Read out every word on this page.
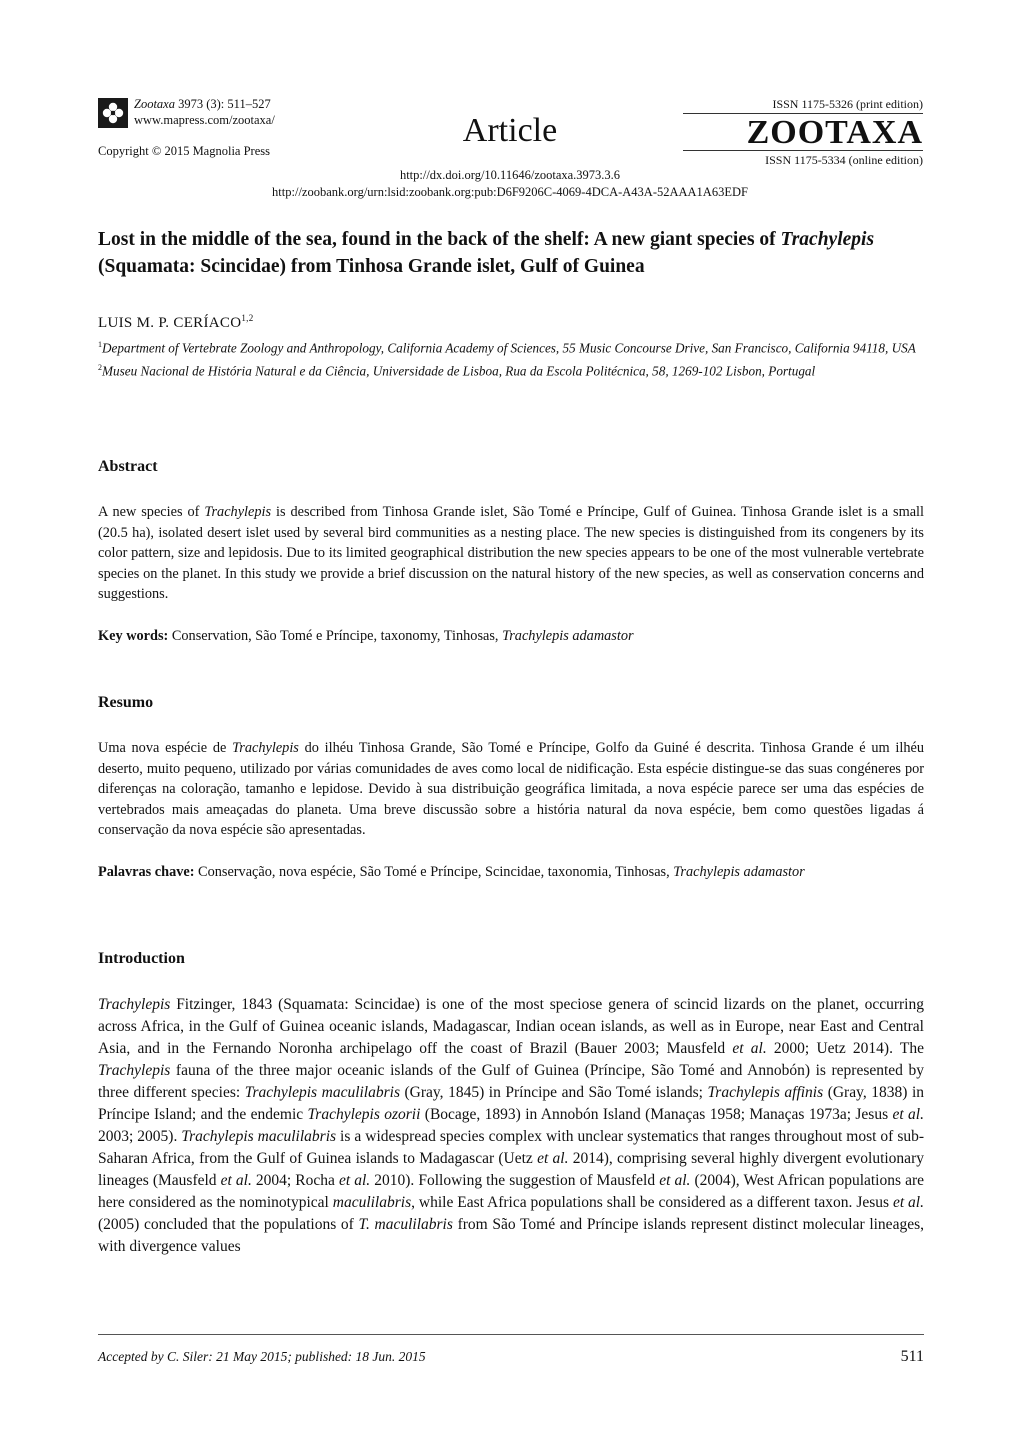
Zootaxa 3973 (3): 511–527
www.mapress.com/zootaxa/
Copyright © 2015 Magnolia Press
Article
ISSN 1175-5326 (print edition)
ZOOTAXA
ISSN 1175-5334 (online edition)
http://dx.doi.org/10.11646/zootaxa.3973.3.6
http://zoobank.org/urn:lsid:zoobank.org:pub:D6F9206C-4069-4DCA-A43A-52AAA1A63EDF
Lost in the middle of the sea, found in the back of the shelf: A new giant species of Trachylepis (Squamata: Scincidae) from Tinhosa Grande islet, Gulf of Guinea
LUIS M. P. CERÍACO$^{1,2}$
$^1$Department of Vertebrate Zoology and Anthropology, California Academy of Sciences, 55 Music Concourse Drive, San Francisco, California 94118, USA
$^2$Museu Nacional de História Natural e da Ciência, Universidade de Lisboa, Rua da Escola Politécnica, 58, 1269-102 Lisbon, Portugal
Abstract
A new species of Trachylepis is described from Tinhosa Grande islet, São Tomé e Príncipe, Gulf of Guinea. Tinhosa Grande islet is a small (20.5 ha), isolated desert islet used by several bird communities as a nesting place. The new species is distinguished from its congeners by its color pattern, size and lepidosis. Due to its limited geographical distribution the new species appears to be one of the most vulnerable vertebrate species on the planet. In this study we provide a brief discussion on the natural history of the new species, as well as conservation concerns and suggestions.
Key words: Conservation, São Tomé e Príncipe, taxonomy, Tinhosas, Trachylepis adamastor
Resumo
Uma nova espécie de Trachylepis do ilhéu Tinhosa Grande, São Tomé e Príncipe, Golfo da Guiné é descrita. Tinhosa Grande é um ilhéu deserto, muito pequeno, utilizado por várias comunidades de aves como local de nidificação. Esta espécie distingue-se das suas congéneres por diferenças na coloração, tamanho e lepidose. Devido à sua distribuição geográfica limitada, a nova espécie parece ser uma das espécies de vertebrados mais ameaçadas do planeta. Uma breve discussão sobre a história natural da nova espécie, bem como questões ligadas á conservação da nova espécie são apresentadas.
Palavras chave: Conservação, nova espécie, São Tomé e Príncipe, Scincidae, taxonomia, Tinhosas, Trachylepis adamastor
Introduction
Trachylepis Fitzinger, 1843 (Squamata: Scincidae) is one of the most speciose genera of scincid lizards on the planet, occurring across Africa, in the Gulf of Guinea oceanic islands, Madagascar, Indian ocean islands, as well as in Europe, near East and Central Asia, and in the Fernando Noronha archipelago off the coast of Brazil (Bauer 2003; Mausfeld et al. 2000; Uetz 2014). The Trachylepis fauna of the three major oceanic islands of the Gulf of Guinea (Príncipe, São Tomé and Annobón) is represented by three different species: Trachylepis maculilabris (Gray, 1845) in Príncipe and São Tomé islands; Trachylepis affinis (Gray, 1838) in Príncipe Island; and the endemic Trachylepis ozorii (Bocage, 1893) in Annobón Island (Manaças 1958; Manaças 1973a; Jesus et al. 2003; 2005). Trachylepis maculilabris is a widespread species complex with unclear systematics that ranges throughout most of sub-Saharan Africa, from the Gulf of Guinea islands to Madagascar (Uetz et al. 2014), comprising several highly divergent evolutionary lineages (Mausfeld et al. 2004; Rocha et al. 2010). Following the suggestion of Mausfeld et al. (2004), West African populations are here considered as the nominotypical maculilabris, while East Africa populations shall be considered as a different taxon. Jesus et al. (2005) concluded that the populations of T. maculilabris from São Tomé and Príncipe islands represent distinct molecular lineages, with divergence values
Accepted by C. Siler: 21 May 2015; published: 18 Jun. 2015	511
